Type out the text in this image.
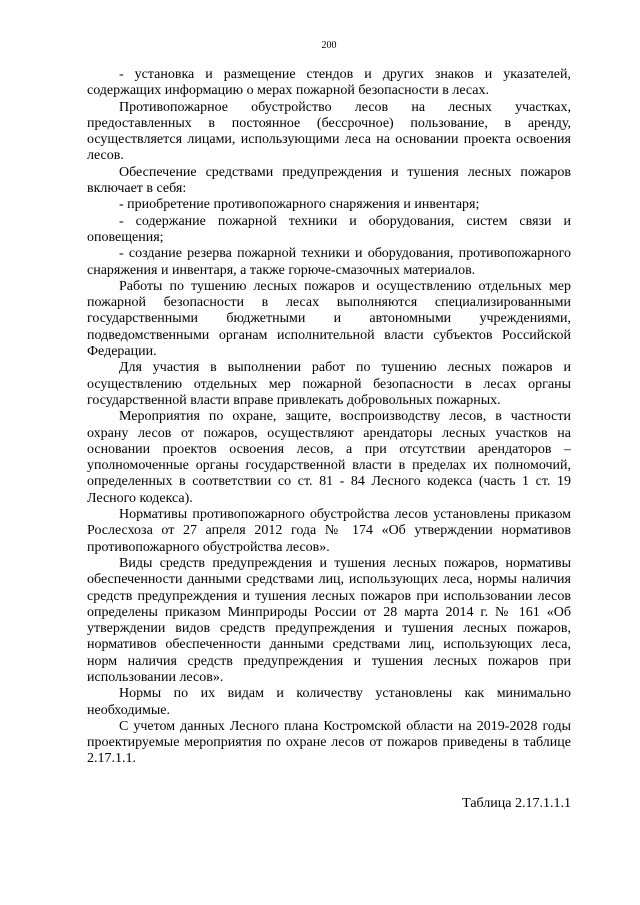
200

- установка и размещение стендов и других знаков и указателей, содержащих информацию о мерах пожарной безопасности в лесах.

Противопожарное обустройство лесов на лесных участках, предоставленных в постоянное (бессрочное) пользование, в аренду, осуществляется лицами, использующими леса на основании проекта освоения лесов.

Обеспечение средствами предупреждения и тушения лесных пожаров включает в себя:

- приобретение противопожарного снаряжения и инвентаря;

- содержание пожарной техники и оборудования, систем связи и оповещения;

- создание резерва пожарной техники и оборудования, противопожарного снаряжения и инвентаря, а также горюче-смазочных материалов.

Работы по тушению лесных пожаров и осуществлению отдельных мер пожарной безопасности в лесах выполняются специализированными государственными бюджетными и автономными учреждениями, подведомственными органам исполнительной власти субъектов Российской Федерации.

Для участия в выполнении работ по тушению лесных пожаров и осуществлению отдельных мер пожарной безопасности в лесах органы государственной власти вправе привлекать добровольных пожарных.

Мероприятия по охране, защите, воспроизводству лесов, в частности охрану лесов от пожаров, осуществляют арендаторы лесных участков на основании проектов освоения лесов, а при отсутствии арендаторов – уполномоченные органы государственной власти в пределах их полномочий, определенных в соответствии со ст. 81 - 84 Лесного кодекса (часть 1 ст. 19 Лесного кодекса).

Нормативы противопожарного обустройства лесов установлены приказом Рослесхоза от 27 апреля 2012 года № 174 «Об утверждении нормативов противопожарного обустройства лесов».

Виды средств предупреждения и тушения лесных пожаров, нормативы обеспеченности данными средствами лиц, использующих леса, нормы наличия средств предупреждения и тушения лесных пожаров при использовании лесов определены приказом Минприроды России от 28 марта 2014 г. № 161 «Об утверждении видов средств предупреждения и тушения лесных пожаров, нормативов обеспеченности данными средствами лиц, использующих леса, норм наличия средств предупреждения и тушения лесных пожаров при использовании лесов».

Нормы по их видам и количеству установлены как минимально необходимые.

С учетом данных Лесного плана Костромской области на 2019-2028 годы проектируемые мероприятия по охране лесов от пожаров приведены в таблице 2.17.1.1.

Таблица 2.17.1.1.1
